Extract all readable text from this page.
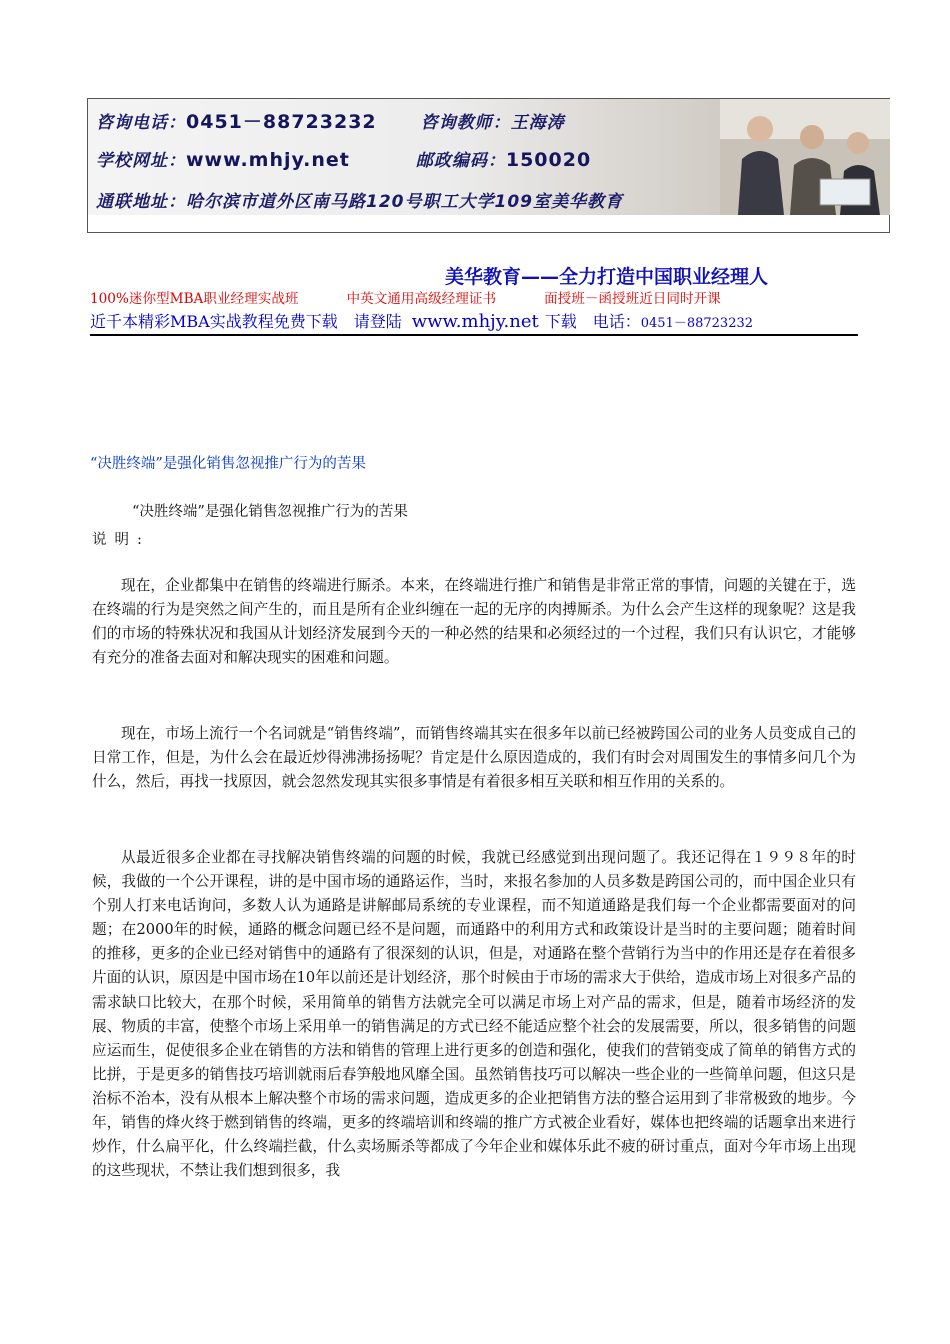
咨询电话：0451－88723232	咨询教师：王海涛
学校网址：www.mhjy.net	邮政编码：150020
通联地址：哈尔滨市道外区南马路120号职工大学109室美华教育
美华教育——全力打造中国职业经理人
100%迷你型MBA职业经理实战班	中英文通用高级经理证书	面授班－函授班近日同时开课
近千本精彩MBA实战教程免费下载　请登陆 www.mhjy.net 下载　电话：0451－88723232
“决胜终端”是强化销售忽视推广行为的苦果
“决胜终端”是强化销售忽视推广行为的苦果
说明:

现在，企业都集中在销售的终端进行厮杀。本来，在终端进行推广和销售是非常正常的事情，问题的关键在于，选在终端的行为是突然之间产生的，而且是所有企业纠缠在一起的无序的肉搏厮杀。为什么会产生这样的现象呢？这是我们的市场的特殊状况和我国从计划经济发展到今天的一种必然的结果和必须经过的一个过程，我们只有认识它，才能够有充分的准备去面对和解决现实的困难和问题。

现在，市场上流行一个名词就是“销售终端”，而销售终端其实在很多年以前已经被跨国公司的业务人员变成自己的日常工作，但是，为什么会在最近炒得沸沸扬扬呢？肯定是什么原因造成的，我们有时会对周围发生的事情多问几个为什么，然后，再找一找原因，就会忽然发现其实很多事情是有着很多相互关联和相互作用的关系的。

从最近很多企业都在寻找解决销售终端的问题的时候，我就已经感觉到出现问题了。我还记得在１９９８年的时候，我做的一个公开课程，讲的是中国市场的通路运作，当时，来报名参加的人员多数是跨国公司的，而中国企业只有个别人打来电话询问，多数人认为通路是讲解邮局系统的专业课程，而不知道通路是我们每一个企业都需要面对的问题；在2000年的时候，通路的概念问题已经不是问题，而通路中的利用方式和政策设计是当时的主要问题；随着时间的推移，更多的企业已经对销售中的通路有了很深刻的认识，但是，对通路在整个营销行为当中的作用还是存在着很多片面的认识，原因是中国市场在10年以前还是计划经济，那个时候由于市场的需求大于供给，造成市场上对很多产品的需求缺口比较大，在那个时候，采用简单的销售方法就完全可以满足市场上对产品的需求，但是，随着市场经济的发展、物质的丰富，使整个市场上采用单一的销售满足的方式已经不能适应整个社会的发展需要，所以，很多销售的问题应运而生，促使很多企业在销售的方法和销售的管理上进行更多的创造和强化，使我们的营销变成了简单的销售方式的比拼，于是更多的销售技巧培训就雨后春笋般地风靡全国。虽然销售技巧可以解决一些企业的一些简单问题，但这只是治标不治本，没有从根本上解决整个市场的需求问题，造成更多的企业把销售方法的整合运用到了非常极致的地步。今年，销售的烽火终于燃到销售的终端，更多的终端培训和终端的推广方式被企业看好，媒体也把终端的话题拿出来进行炒作，什么扁平化，什么终端拦截，什么卖场厮杀等都成了今年企业和媒体乐此不疲的研讨重点，面对今年市场上出现的这些现状，不禁让我们想到很多，我
